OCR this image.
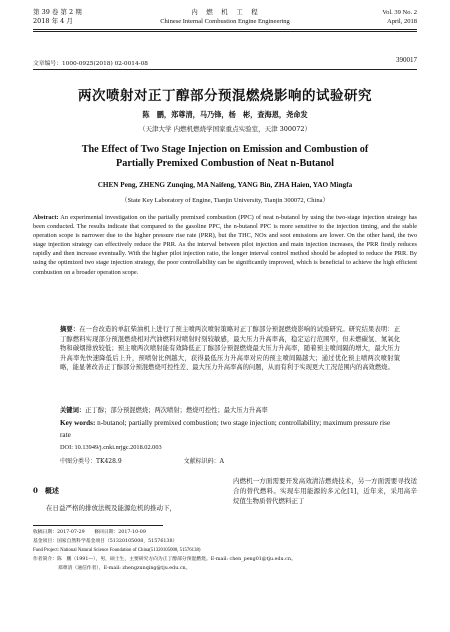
第 39 卷 第 2 期
2018 年 4 月
内　燃　机　工　程
Chinese Internal Combustion Engine Engineering
Vol. 39 No. 2
April, 2018
文章编号：1000-0925(2018) 02-0014-08	390017
两次喷射对正丁醇部分预混燃烧影响的试验研究
陈　鹏，郑尊清，马乃锋，杨　彬，查海恩，尧命发
（天津大学 内燃机燃烧学国家重点实验室，天津 300072）
The Effect of Two Stage Injection on Emission and Combustion of
Partially Premixed Combustion of Neat n-Butanol
CHEN Peng, ZHENG Zunqing, MA Naifeng, YANG Bin, ZHA Haien, YAO Mingfa
（State Key Laboratory of Engine, Tianjin University, Tianjin 300072, China）
Abstract: An experimental investigation on the partially premixed combustion (PPC) of neat n-butanol by using the two-stage injection strategy has been conducted. The results indicate that compared to the gasoline PPC, the n-butanol PPC is more sensitive to the injection timing, and the stable operation scope is narrower due to the higher pressure rise rate (PRR), but the THC, NOx and soot emissions are lower. On the other hand, the two stage injection strategy can effectively reduce the PRR. As the interval between pilot injection and main injection increases, the PRR firstly reduces rapidly and then increase eventually. With the higher pilot injection ratio, the longer interval control method should be adopted to reduce the PRR. By using the optimized two stage injection strategy, the poor controllability can be significantly improved, which is beneficial to achieve the high efficient combustion on a broader operation scope.
摘要：在一台改造的单缸柴油机上进行了预主喷两次喷射策略对正丁醇部分预混燃烧影响的试验研究。研究结果表明：正丁醇燃料实现部分预混燃烧相对汽油燃料对喷射时刻较敏感，最大压力升高率高，稳定运行范围窄，但未燃碳氢、氮氧化物和碳烟排放较低；预主喷两次喷射能有效降低正丁醇部分预混燃烧最大压力升高率，随着预主喷间隔的增大，最大压力升高率先快速降低后上升，预喷射比例越大，获得最低压力升高率对应的预主喷间隔越大；通过优化预主喷两次喷射策略，能显著改善正丁醇部分预混燃烧可控性差、最大压力升高率高的问题，从而有利于实现更大工况范围内的高效燃烧。
关键词：正丁醇；部分预混燃烧；两次喷射；燃烧可控性；最大压力升高率
Key words: n-butanol; partially premixed combustion; two stage injection; controllability; maximum pressure rise rate
DOI: 10.13949/j.cnki.nrjgc.2018.02.003
中图分类号：TK428.9	文献标识码：A
0　概述
在日益严格的排放法规及能源危机的推动下，
内燃机一方面需要开发高效清洁燃烧技术，另一方面需要寻找适合的替代燃料。实现车用能源的多元化[1]，近年来，采用高辛烷值生物质替代燃料正丁
收稿日期：2017-07-29　　修回日期：2017-10-09
基金项目：国家自然科学基金项目（51320105008，51576138）
Fund Project: National Natural Science Foundation of China(51320105008, 51576138)
作者简介：陈　鹏（1991—），男，硕士生，主要研究方向为正丁醇部分预混燃烧。E-mail: chen_peng01@tju.edu.cn。
郑尊清（通信作者），E-mail: zhengzunqing@tju.edu.cn。
